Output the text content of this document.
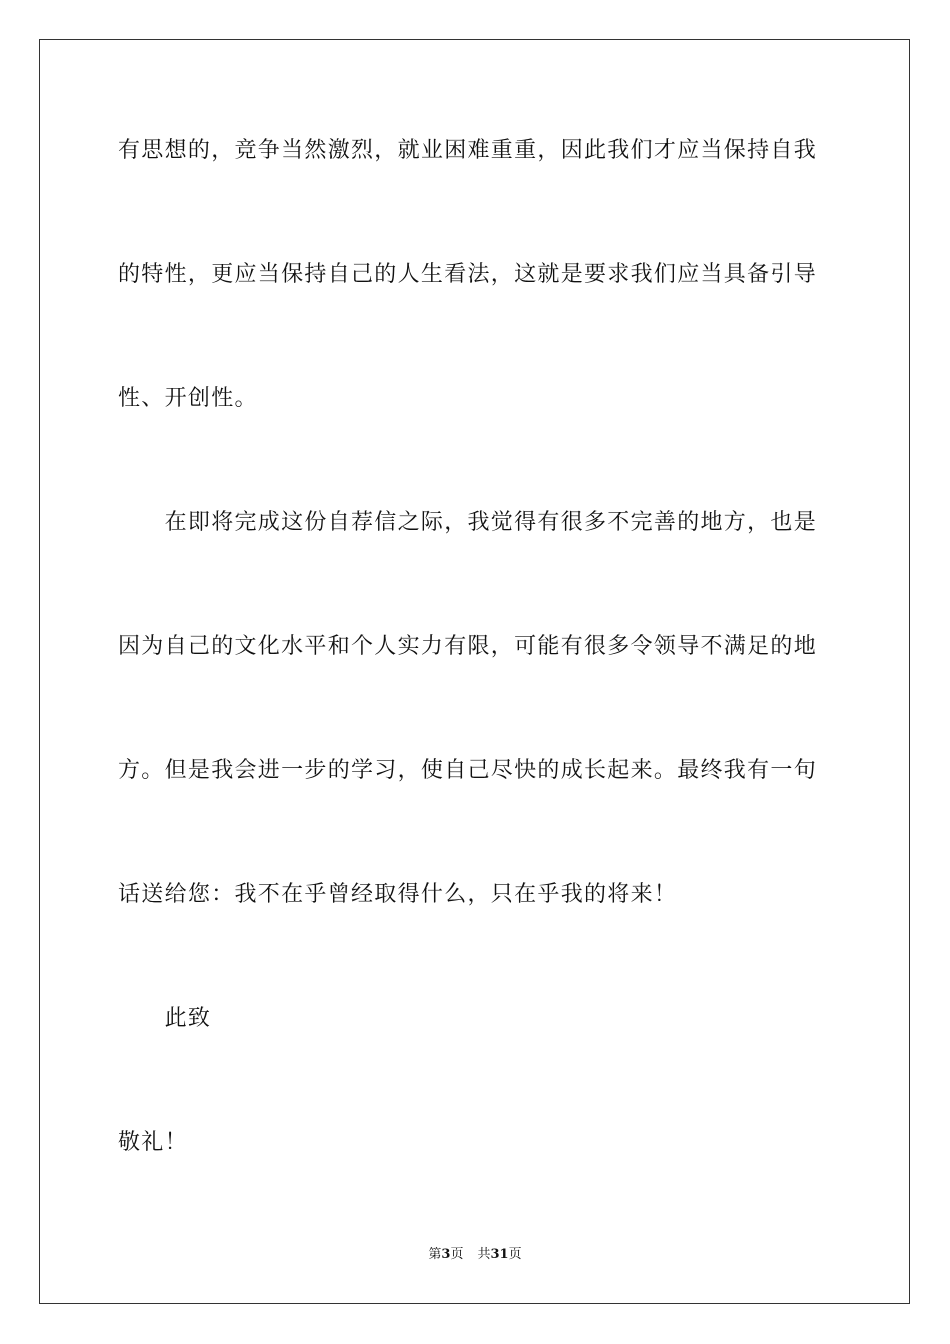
有思想的，竞争当然激烈，就业困难重重，因此我们才应当保持自我
的特性，更应当保持自己的人生看法，这就是要求我们应当具备引导
性、开创性。
　　在即将完成这份自荐信之际，我觉得有很多不完善的地方，也是
因为自己的文化水平和个人实力有限，可能有很多令领导不满足的地
方。但是我会进一步的学习，使自己尽快的成长起来。最终我有一句
话送给您：我不在乎曾经取得什么，只在乎我的将来！
　　此致
敬礼！
第3页 共31页
